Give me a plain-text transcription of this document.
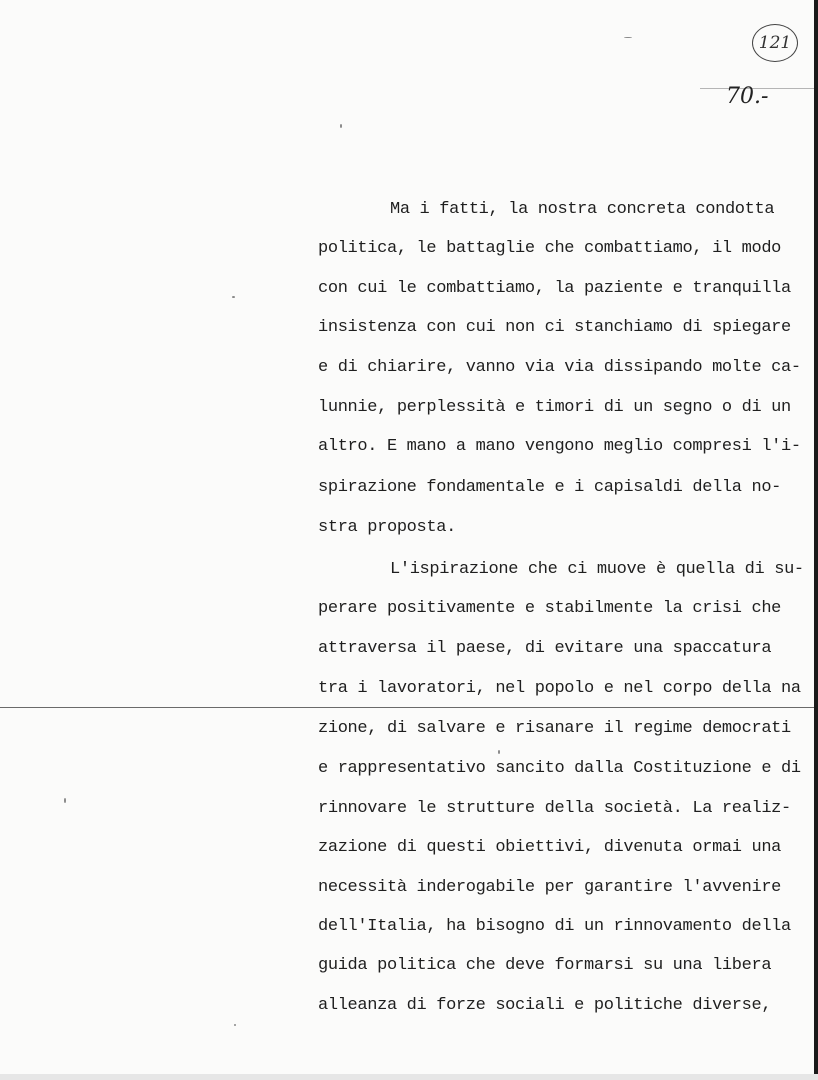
121
70.-

Ma i fatti, la nostra concreta condotta

politica, le battaglie che combattiamo, il modo

con cui le combattiamo, la paziente e tranquilla

insistenza con cui non ci stanchiamo di spiegare

e di chiarire, vanno via via dissipando molte ca-

lunnie, perplessità e timori di un segno o di un

altro. E mano a mano vengono meglio compresi l'i-

spirazione fondamentale e i capisaldi della no-

stra proposta.

L'ispirazione che ci muove è quella di su-

perare positivamente e stabilmente la crisi che

attraversa il paese, di evitare una spaccatura

tra i lavoratori, nel popolo e nel corpo della na

zione, di salvare e risanare il regime democrati

e rappresentativo sancito dalla Costituzione e di

rinnovare le strutture della società. La realiz-

zazione di questi obiettivi, divenuta ormai una

necessità inderogabile per garantire l'avvenire

dell'Italia, ha bisogno di un rinnovamento della

guida politica che deve formarsi su una libera

alleanza di forze sociali e politiche diverse,
